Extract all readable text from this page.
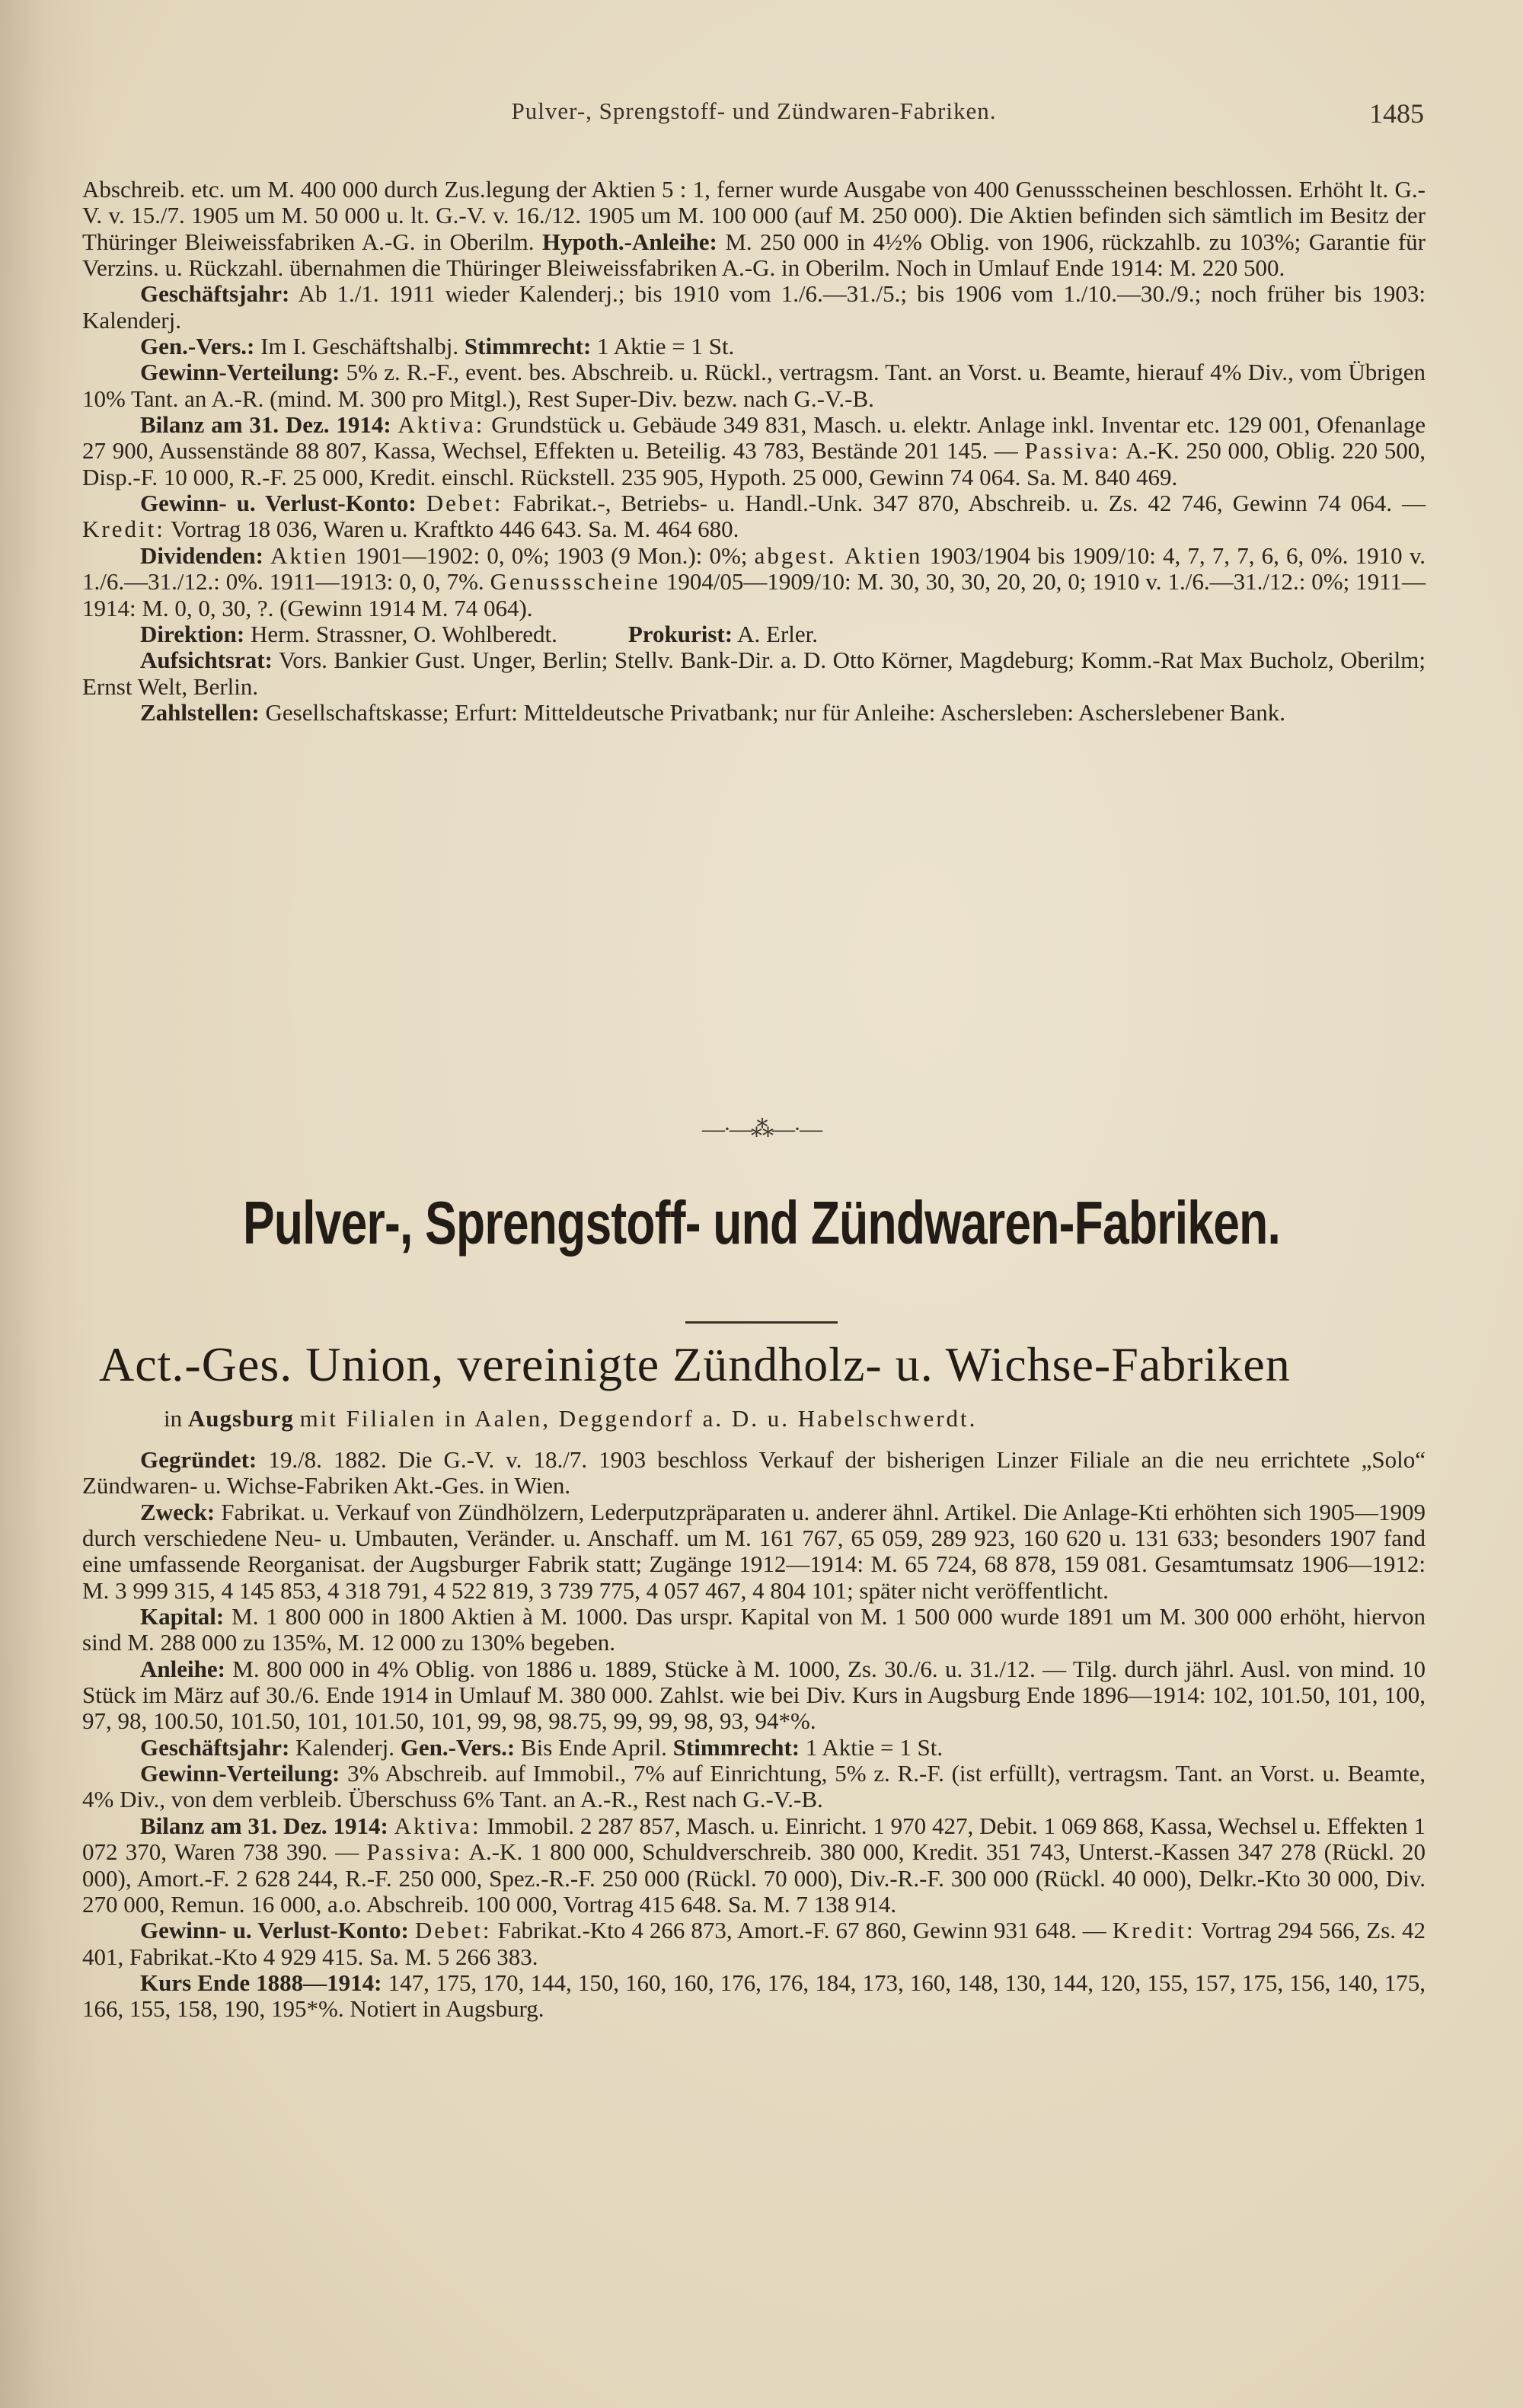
Pulver-, Sprengstoff- und Zündwaren-Fabriken.	1485

Abschreib. etc. um M. 400 000 durch Zus.legung der Aktien 5 : 1, ferner wurde Ausgabe von 400 Genussscheinen beschlossen. Erhöht lt. G.-V. v. 15./7. 1905 um M. 50 000 u. lt. G.-V. v. 16./12. 1905 um M. 100 000 (auf M. 250 000). Die Aktien befinden sich sämtlich im Besitz der Thüringer Bleiweissfabriken A.-G. in Oberilm. Hypoth.-Anleihe: M. 250 000 in 4½% Oblig. von 1906, rückzahlb. zu 103%; Garantie für Verzins. u. Rückzahl. übernahmen die Thüringer Bleiweissfabriken A.-G. in Oberilm. Noch in Umlauf Ende 1914: M. 220 500.

Geschäftsjahr: Ab 1./1. 1911 wieder Kalenderj.; bis 1910 vom 1./6.—31./5.; bis 1906 vom 1./10.—30./9.; noch früher bis 1903: Kalenderj.

Gen.-Vers.: Im I. Geschäftshalbj. Stimmrecht: 1 Aktie = 1 St.

Gewinn-Verteilung: 5% z. R.-F., event. bes. Abschreib. u. Rückl., vertragsm. Tant. an Vorst. u. Beamte, hierauf 4% Div., vom Übrigen 10% Tant. an A.-R. (mind. M. 300 pro Mitgl.), Rest Super-Div. bezw. nach G.-V.-B.

Bilanz am 31. Dez. 1914: Aktiva: Grundstück u. Gebäude 349 831, Masch. u. elektr. Anlage inkl. Inventar etc. 129 001, Ofenanlage 27 900, Aussenstände 88 807, Kassa, Wechsel, Effekten u. Beteilig. 43 783, Bestände 201 145. — Passiva: A.-K. 250 000, Oblig. 220 500, Disp.-F. 10 000, R.-F. 25 000, Kredit. einschl. Rückstell. 235 905, Hypoth. 25 000, Gewinn 74 064. Sa. M. 840 469.

Gewinn- u. Verlust-Konto: Debet: Fabrikat.-, Betriebs- u. Handl.-Unk. 347 870, Abschreib. u. Zs. 42 746, Gewinn 74 064. — Kredit: Vortrag 18 036, Waren u. Kraftkto 446 643. Sa. M. 464 680.

Dividenden: Aktien 1901—1902: 0, 0%; 1903 (9 Mon.): 0%; abgest. Aktien 1903/1904 bis 1909/10: 4, 7, 7, 7, 6, 6, 0%. 1910 v. 1./6.—31./12.: 0%. 1911—1913: 0, 0, 7%. Genussscheine 1904/05—1909/10: M. 30, 30, 30, 20, 20, 0; 1910 v. 1./6.—31./12.: 0%; 1911—1914: M. 0, 0, 30, ?. (Gewinn 1914 M. 74 064).

Direktion: Herm. Strassner, O. Wohlberedt.	Prokurist: A. Erler.

Aufsichtsrat: Vors. Bankier Gust. Unger, Berlin; Stellv. Bank-Dir. a. D. Otto Körner, Magdeburg; Komm.-Rat Max Bucholz, Oberilm; Ernst Welt, Berlin.

Zahlstellen: Gesellschaftskasse; Erfurt: Mitteldeutsche Privatbank; nur für Anleihe: Aschersleben: Ascherslebener Bank.

—·—⁂—·—
Pulver-, Sprengstoff- und Zündwaren-Fabriken.
Act.-Ges. Union, vereinigte Zündholz- u. Wichse-Fabriken
in Augsburg mit Filialen in Aalen, Deggendorf a. D. u. Habelschwerdt.

Gegründet: 19./8. 1882. Die G.-V. v. 18./7. 1903 beschloss Verkauf der bisherigen Linzer Filiale an die neu errichtete „Solo“ Zündwaren- u. Wichse-Fabriken Akt.-Ges. in Wien.

Zweck: Fabrikat. u. Verkauf von Zündhölzern, Lederputzpräparaten u. anderer ähnl. Artikel. Die Anlage-Kti erhöhten sich 1905—1909 durch verschiedene Neu- u. Umbauten, Veränder. u. Anschaff. um M. 161 767, 65 059, 289 923, 160 620 u. 131 633; besonders 1907 fand eine umfassende Reorganisat. der Augsburger Fabrik statt; Zugänge 1912—1914: M. 65 724, 68 878, 159 081. Gesamtumsatz 1906—1912: M. 3 999 315, 4 145 853, 4 318 791, 4 522 819, 3 739 775, 4 057 467, 4 804 101; später nicht veröffentlicht.

Kapital: M. 1 800 000 in 1800 Aktien à M. 1000. Das urspr. Kapital von M. 1 500 000 wurde 1891 um M. 300 000 erhöht, hiervon sind M. 288 000 zu 135%, M. 12 000 zu 130% begeben.

Anleihe: M. 800 000 in 4% Oblig. von 1886 u. 1889, Stücke à M. 1000, Zs. 30./6. u. 31./12. — Tilg. durch jährl. Ausl. von mind. 10 Stück im März auf 30./6. Ende 1914 in Umlauf M. 380 000. Zahlst. wie bei Div. Kurs in Augsburg Ende 1896—1914: 102, 101.50, 101, 100, 97, 98, 100.50, 101.50, 101, 101.50, 101, 99, 98, 98.75, 99, 99, 98, 93, 94*%.

Geschäftsjahr: Kalenderj. Gen.-Vers.: Bis Ende April. Stimmrecht: 1 Aktie = 1 St.

Gewinn-Verteilung: 3% Abschreib. auf Immobil., 7% auf Einrichtung, 5% z. R.-F. (ist erfüllt), vertragsm. Tant. an Vorst. u. Beamte, 4% Div., von dem verbleib. Überschuss 6% Tant. an A.-R., Rest nach G.-V.-B.

Bilanz am 31. Dez. 1914: Aktiva: Immobil. 2 287 857, Masch. u. Einricht. 1 970 427, Debit. 1 069 868, Kassa, Wechsel u. Effekten 1 072 370, Waren 738 390. — Passiva: A.-K. 1 800 000, Schuldverschreib. 380 000, Kredit. 351 743, Unterst.-Kassen 347 278 (Rückl. 20 000), Amort.-F. 2 628 244, R.-F. 250 000, Spez.-R.-F. 250 000 (Rückl. 70 000), Div.-R.-F. 300 000 (Rückl. 40 000), Delkr.-Kto 30 000, Div. 270 000, Remun. 16 000, a.o. Abschreib. 100 000, Vortrag 415 648. Sa. M. 7 138 914.

Gewinn- u. Verlust-Konto: Debet: Fabrikat.-Kto 4 266 873, Amort.-F. 67 860, Gewinn 931 648. — Kredit: Vortrag 294 566, Zs. 42 401, Fabrikat.-Kto 4 929 415. Sa. M. 5 266 383.

Kurs Ende 1888—1914: 147, 175, 170, 144, 150, 160, 160, 176, 176, 184, 173, 160, 148, 130, 144, 120, 155, 157, 175, 156, 140, 175, 166, 155, 158, 190, 195*%. Notiert in Augsburg.
